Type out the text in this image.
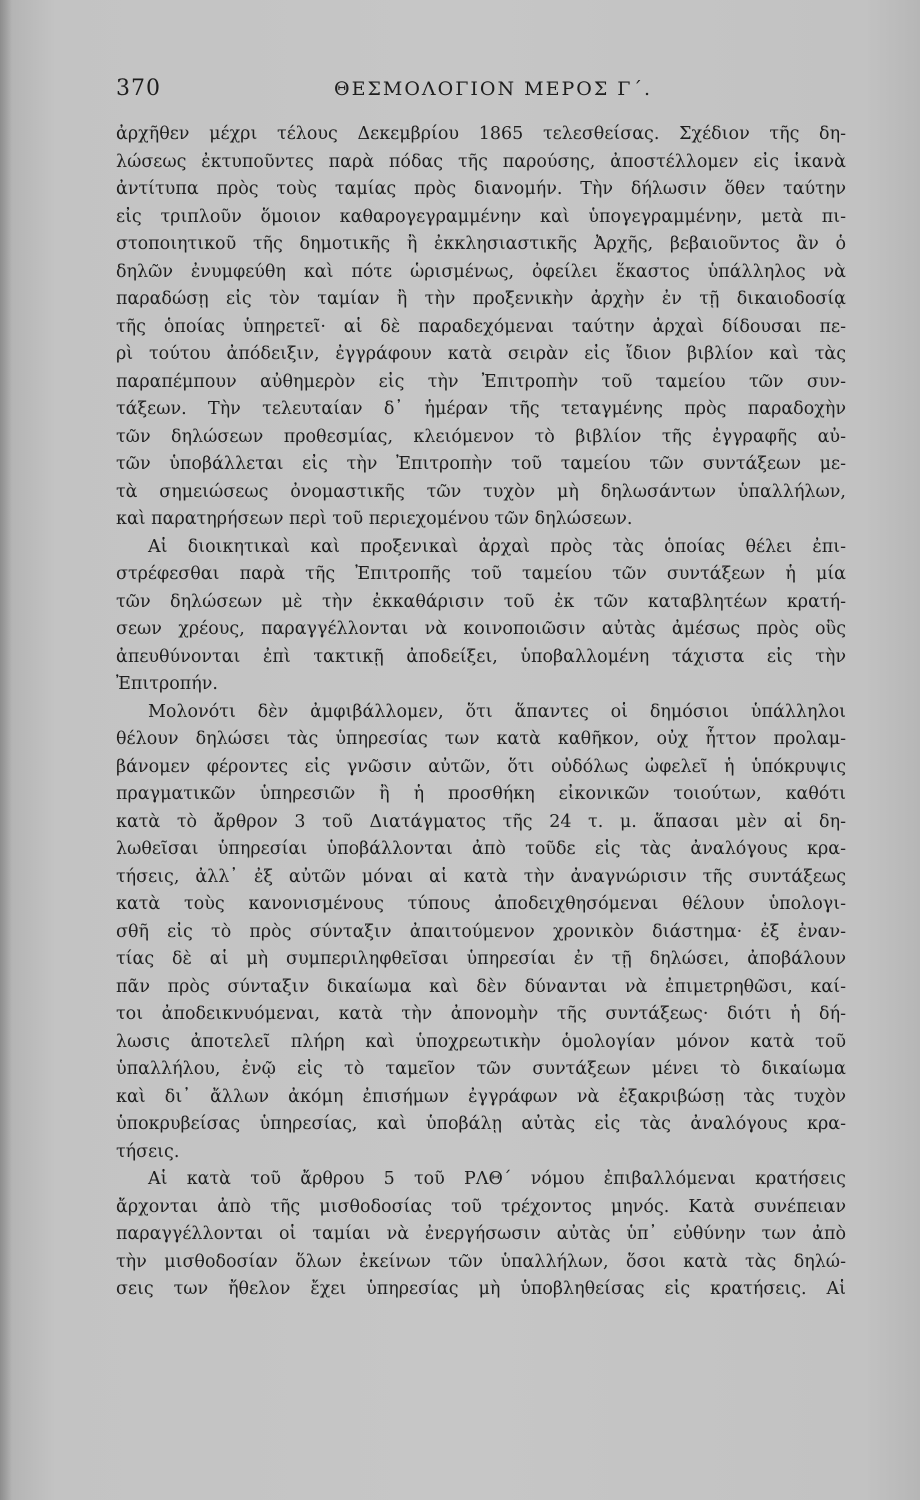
370	ΘΕΣΜΟΛΟΓΙΟΝ ΜΕΡΟΣ Γ΄.
ἀρχῆθεν μέχρι τέλους Δεκεμβρίου 1865 τελεσθείσας. Σχέδιον τῆς δη-
λώσεως ἐκτυποῦντες παρὰ πόδας τῆς παρούσης, ἀποστέλλομεν εἰς ἱκανὰ
ἀντίτυπα πρὸς τοὺς ταμίας πρὸς διανομήν. Τὴν δήλωσιν ὅθεν ταύτην
εἰς τριπλοῦν ὅμοιον καθαρογεγραμμένην καὶ ὑπογεγραμμένην, μετὰ πι-
στοποιητικοῦ τῆς δημοτικῆς ἢ ἐκκλησιαστικῆς Ἀρχῆς, βεβαιοῦντος ἂν ὁ
δηλῶν ἐνυμφεύθη καὶ πότε ὡρισμένως, ὀφείλει ἕκαστος ὑπάλληλος νὰ
παραδώσῃ εἰς τὸν ταμίαν ἢ τὴν προξενικὴν ἀρχὴν ἐν τῇ δικαιοδοσίᾳ
τῆς ὁποίας ὑπηρετεῖ· αἱ δὲ παραδεχόμεναι ταύτην ἀρχαὶ δίδουσαι πε-
ρὶ τούτου ἀπόδειξιν, ἐγγράφουν κατὰ σειρὰν εἰς ἴδιον βιβλίον καὶ τὰς
παραπέμπουν αὐθημερὸν εἰς τὴν Ἐπιτροπὴν τοῦ ταμείου τῶν συν-
τάξεων. Τὴν τελευταίαν δ᾽ ἡμέραν τῆς τεταγμένης πρὸς παραδοχὴν
τῶν δηλώσεων προθεσμίας, κλειόμενον τὸ βιβλίον τῆς ἐγγραφῆς αὐ-
τῶν ὑποβάλλεται εἰς τὴν Ἐπιτροπὴν τοῦ ταμείου τῶν συντάξεων με-
τὰ σημειώσεως ὀνομαστικῆς τῶν τυχὸν μὴ δηλωσάντων ὑπαλλήλων,
καὶ παρατηρήσεων περὶ τοῦ περιεχομένου τῶν δηλώσεων.
Αἱ διοικητικαὶ καὶ προξενικαὶ ἀρχαὶ πρὸς τὰς ὁποίας θέλει ἐπι-
στρέφεσθαι παρὰ τῆς Ἐπιτροπῆς τοῦ ταμείου τῶν συντάξεων ἡ μία
τῶν δηλώσεων μὲ τὴν ἐκκαθάρισιν τοῦ ἐκ τῶν καταβλητέων κρατή-
σεων χρέους, παραγγέλλονται νὰ κοινοποιῶσιν αὐτὰς ἀμέσως πρὸς οὓς
ἀπευθύνονται ἐπὶ τακτικῇ ἀποδείξει, ὑποβαλλομένη τάχιστα εἰς τὴν
Ἐπιτροπήν.
Μολονότι δὲν ἀμφιβάλλομεν, ὅτι ἅπαντες οἱ δημόσιοι ὑπάλληλοι
θέλουν δηλώσει τὰς ὑπηρεσίας των κατὰ καθῆκον, οὐχ ἧττον προλαμ-
βάνομεν φέροντες εἰς γνῶσιν αὐτῶν, ὅτι οὐδόλως ὠφελεῖ ἡ ὑπόκρυψις
πραγματικῶν ὑπηρεσιῶν ἢ ἡ προσθήκη εἰκονικῶν τοιούτων, καθότι
κατὰ τὸ ἄρθρον 3 τοῦ Διατάγματος τῆς 24 τ. μ. ἅπασαι μὲν αἱ δη-
λωθεῖσαι ὑπηρεσίαι ὑποβάλλονται ἀπὸ τοῦδε εἰς τὰς ἀναλόγους κρα-
τήσεις, ἀλλ᾽ ἐξ αὐτῶν μόναι αἱ κατὰ τὴν ἀναγνώρισιν τῆς συντάξεως
κατὰ τοὺς κανονισμένους τύπους ἀποδειχθησόμεναι θέλουν ὑπολογι-
σθῆ εἰς τὸ πρὸς σύνταξιν ἀπαιτούμενον χρονικὸν διάστημα· ἐξ ἐναν-
τίας δὲ αἱ μὴ συμπεριληφθεῖσαι ὑπηρεσίαι ἐν τῇ δηλώσει, ἀποβάλουν
πᾶν πρὸς σύνταξιν δικαίωμα καὶ δὲν δύνανται νὰ ἐπιμετρηθῶσι, καί-
τοι ἀποδεικνυόμεναι, κατὰ τὴν ἀπονομὴν τῆς συντάξεως· διότι ἡ δή-
λωσις ἀποτελεῖ πλήρη καὶ ὑποχρεωτικὴν ὁμολογίαν μόνον κατὰ τοῦ
ὑπαλλήλου, ἐνῷ εἰς τὸ ταμεῖον τῶν συντάξεων μένει τὸ δικαίωμα
καὶ δι᾽ ἄλλων ἀκόμη ἐπισήμων ἐγγράφων νὰ ἐξακριβώσῃ τὰς τυχὸν
ὑποκρυβείσας ὑπηρεσίας, καὶ ὑποβάλῃ αὐτὰς εἰς τὰς ἀναλόγους κρα-
τήσεις.
Αἱ κατὰ τοῦ ἄρθρου 5 τοῦ ΡΛΘ΄ νόμου ἐπιβαλλόμεναι κρατήσεις
ἄρχονται ἀπὸ τῆς μισθοδοσίας τοῦ τρέχοντος μηνός. Κατὰ συνέπειαν
παραγγέλλονται οἱ ταμίαι νὰ ἐνεργήσωσιν αὐτὰς ὑπ᾽ εὐθύνην των ἀπὸ
τὴν μισθοδοσίαν ὅλων ἐκείνων τῶν ὑπαλλήλων, ὅσοι κατὰ τὰς δηλώ-
σεις των ἤθελον ἔχει ὑπηρεσίας μὴ ὑποβληθείσας εἰς κρατήσεις. Αἱ
